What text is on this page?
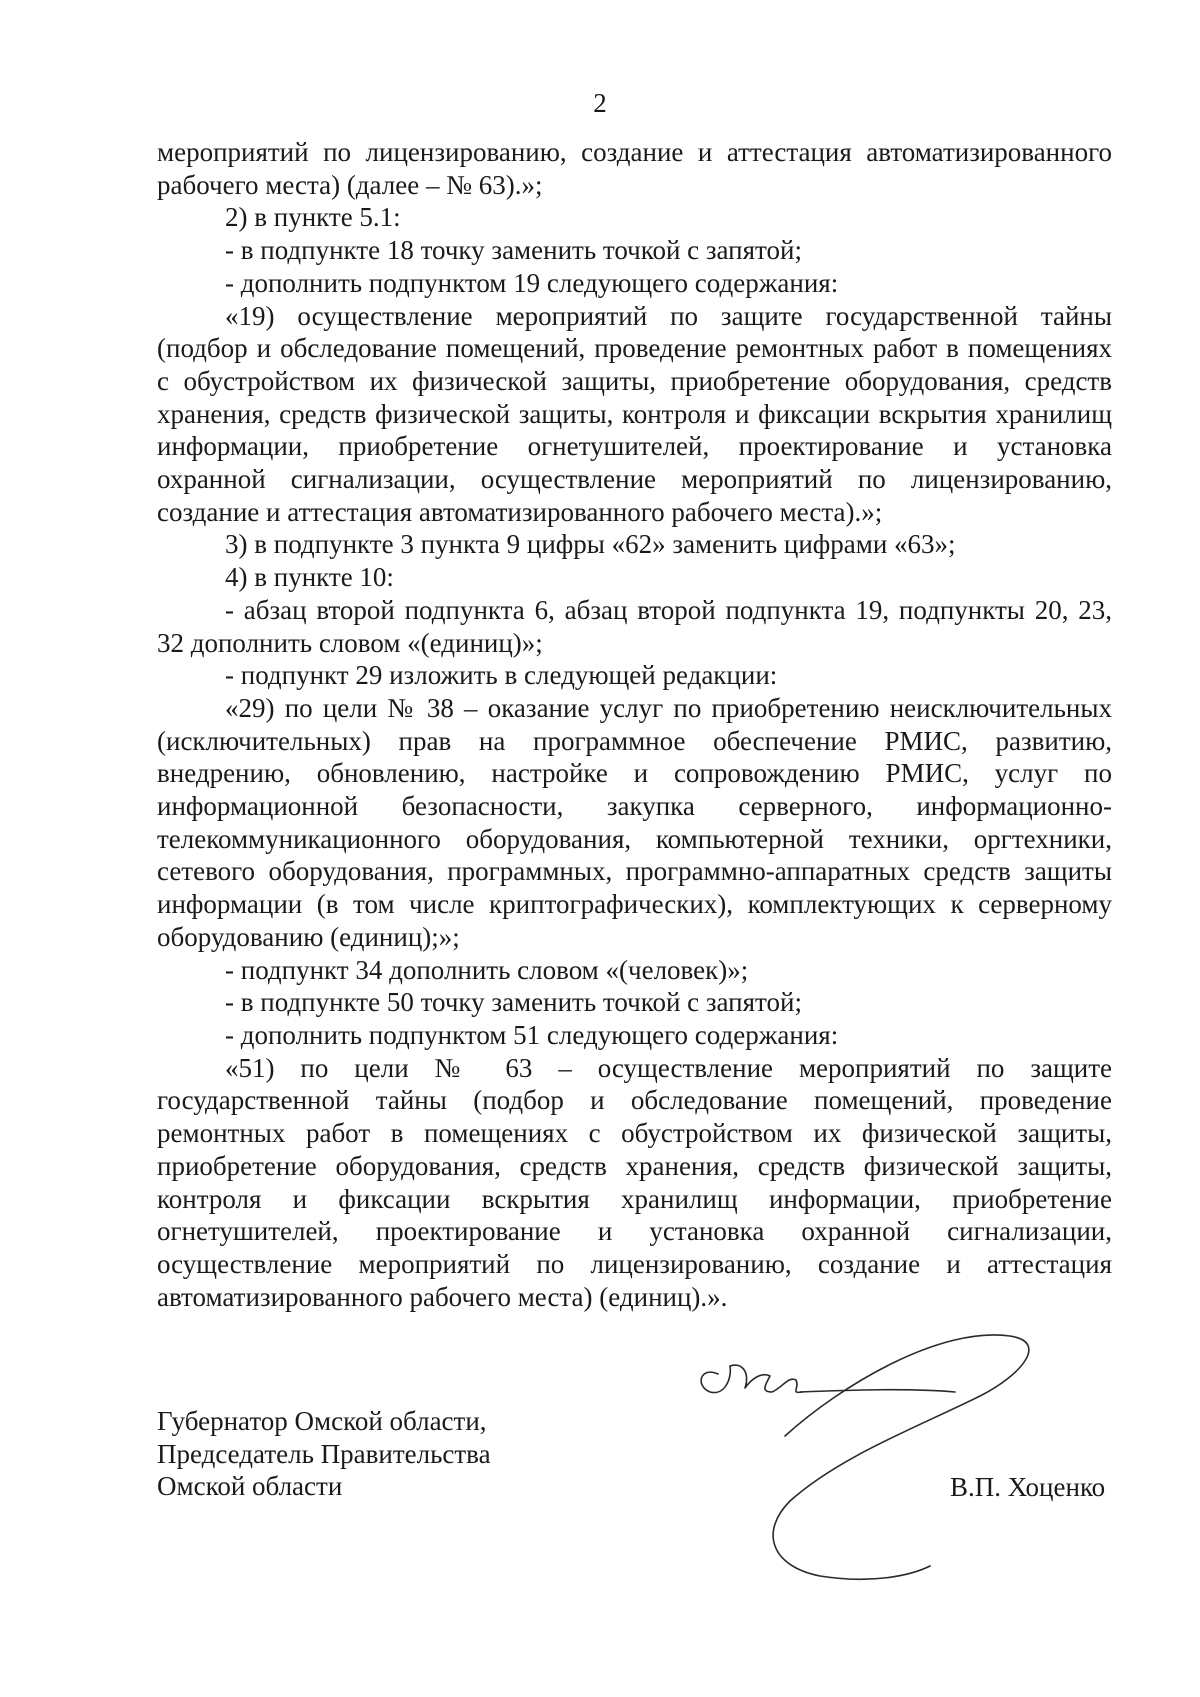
2

мероприятий по лицензированию, создание и аттестация автоматизированного рабочего места) (далее – № 63).»;

2) в пункте 5.1:

- в подпункте 18 точку заменить точкой с запятой;

- дополнить подпунктом 19 следующего содержания:

«19) осуществление мероприятий по защите государственной тайны (подбор и обследование помещений, проведение ремонтных работ в помещениях с обустройством их физической защиты, приобретение оборудования, средств хранения, средств физической защиты, контроля и фиксации вскрытия хранилищ информации, приобретение огнетушителей, проектирование и установка охранной сигнализации, осуществление мероприятий по лицензированию, создание и аттестация автоматизированного рабочего места).»;

3) в подпункте 3 пункта 9 цифры «62» заменить цифрами «63»;

4) в пункте 10:

- абзац второй подпункта 6, абзац второй подпункта 19, подпункты 20, 23, 32 дополнить словом «(единиц)»;

- подпункт 29 изложить в следующей редакции:

«29) по цели № 38 – оказание услуг по приобретению неисключительных (исключительных) прав на программное обеспечение РМИС, развитию, внедрению, обновлению, настройке и сопровождению РМИС, услуг по информационной безопасности, закупка серверного, информационно-телекоммуникационного оборудования, компьютерной техники, оргтехники, сетевого оборудования, программных, программно-аппаратных средств защиты информации (в том числе криптографических), комплектующих к серверному оборудованию (единиц);»;

- подпункт 34 дополнить словом «(человек)»;

- в подпункте 50 точку заменить точкой с запятой;

- дополнить подпунктом 51 следующего содержания:

«51) по цели № 63 – осуществление мероприятий по защите государственной тайны (подбор и обследование помещений, проведение ремонтных работ в помещениях с обустройством их физической защиты, приобретение оборудования, средств хранения, средств физической защиты, контроля и фиксации вскрытия хранилищ информации, приобретение огнетушителей, проектирование и установка охранной сигнализации, осуществление мероприятий по лицензированию, создание и аттестация автоматизированного рабочего места) (единиц).».

Губернатор Омской области,
Председатель Правительства
Омской области	В.П. Хоценко
